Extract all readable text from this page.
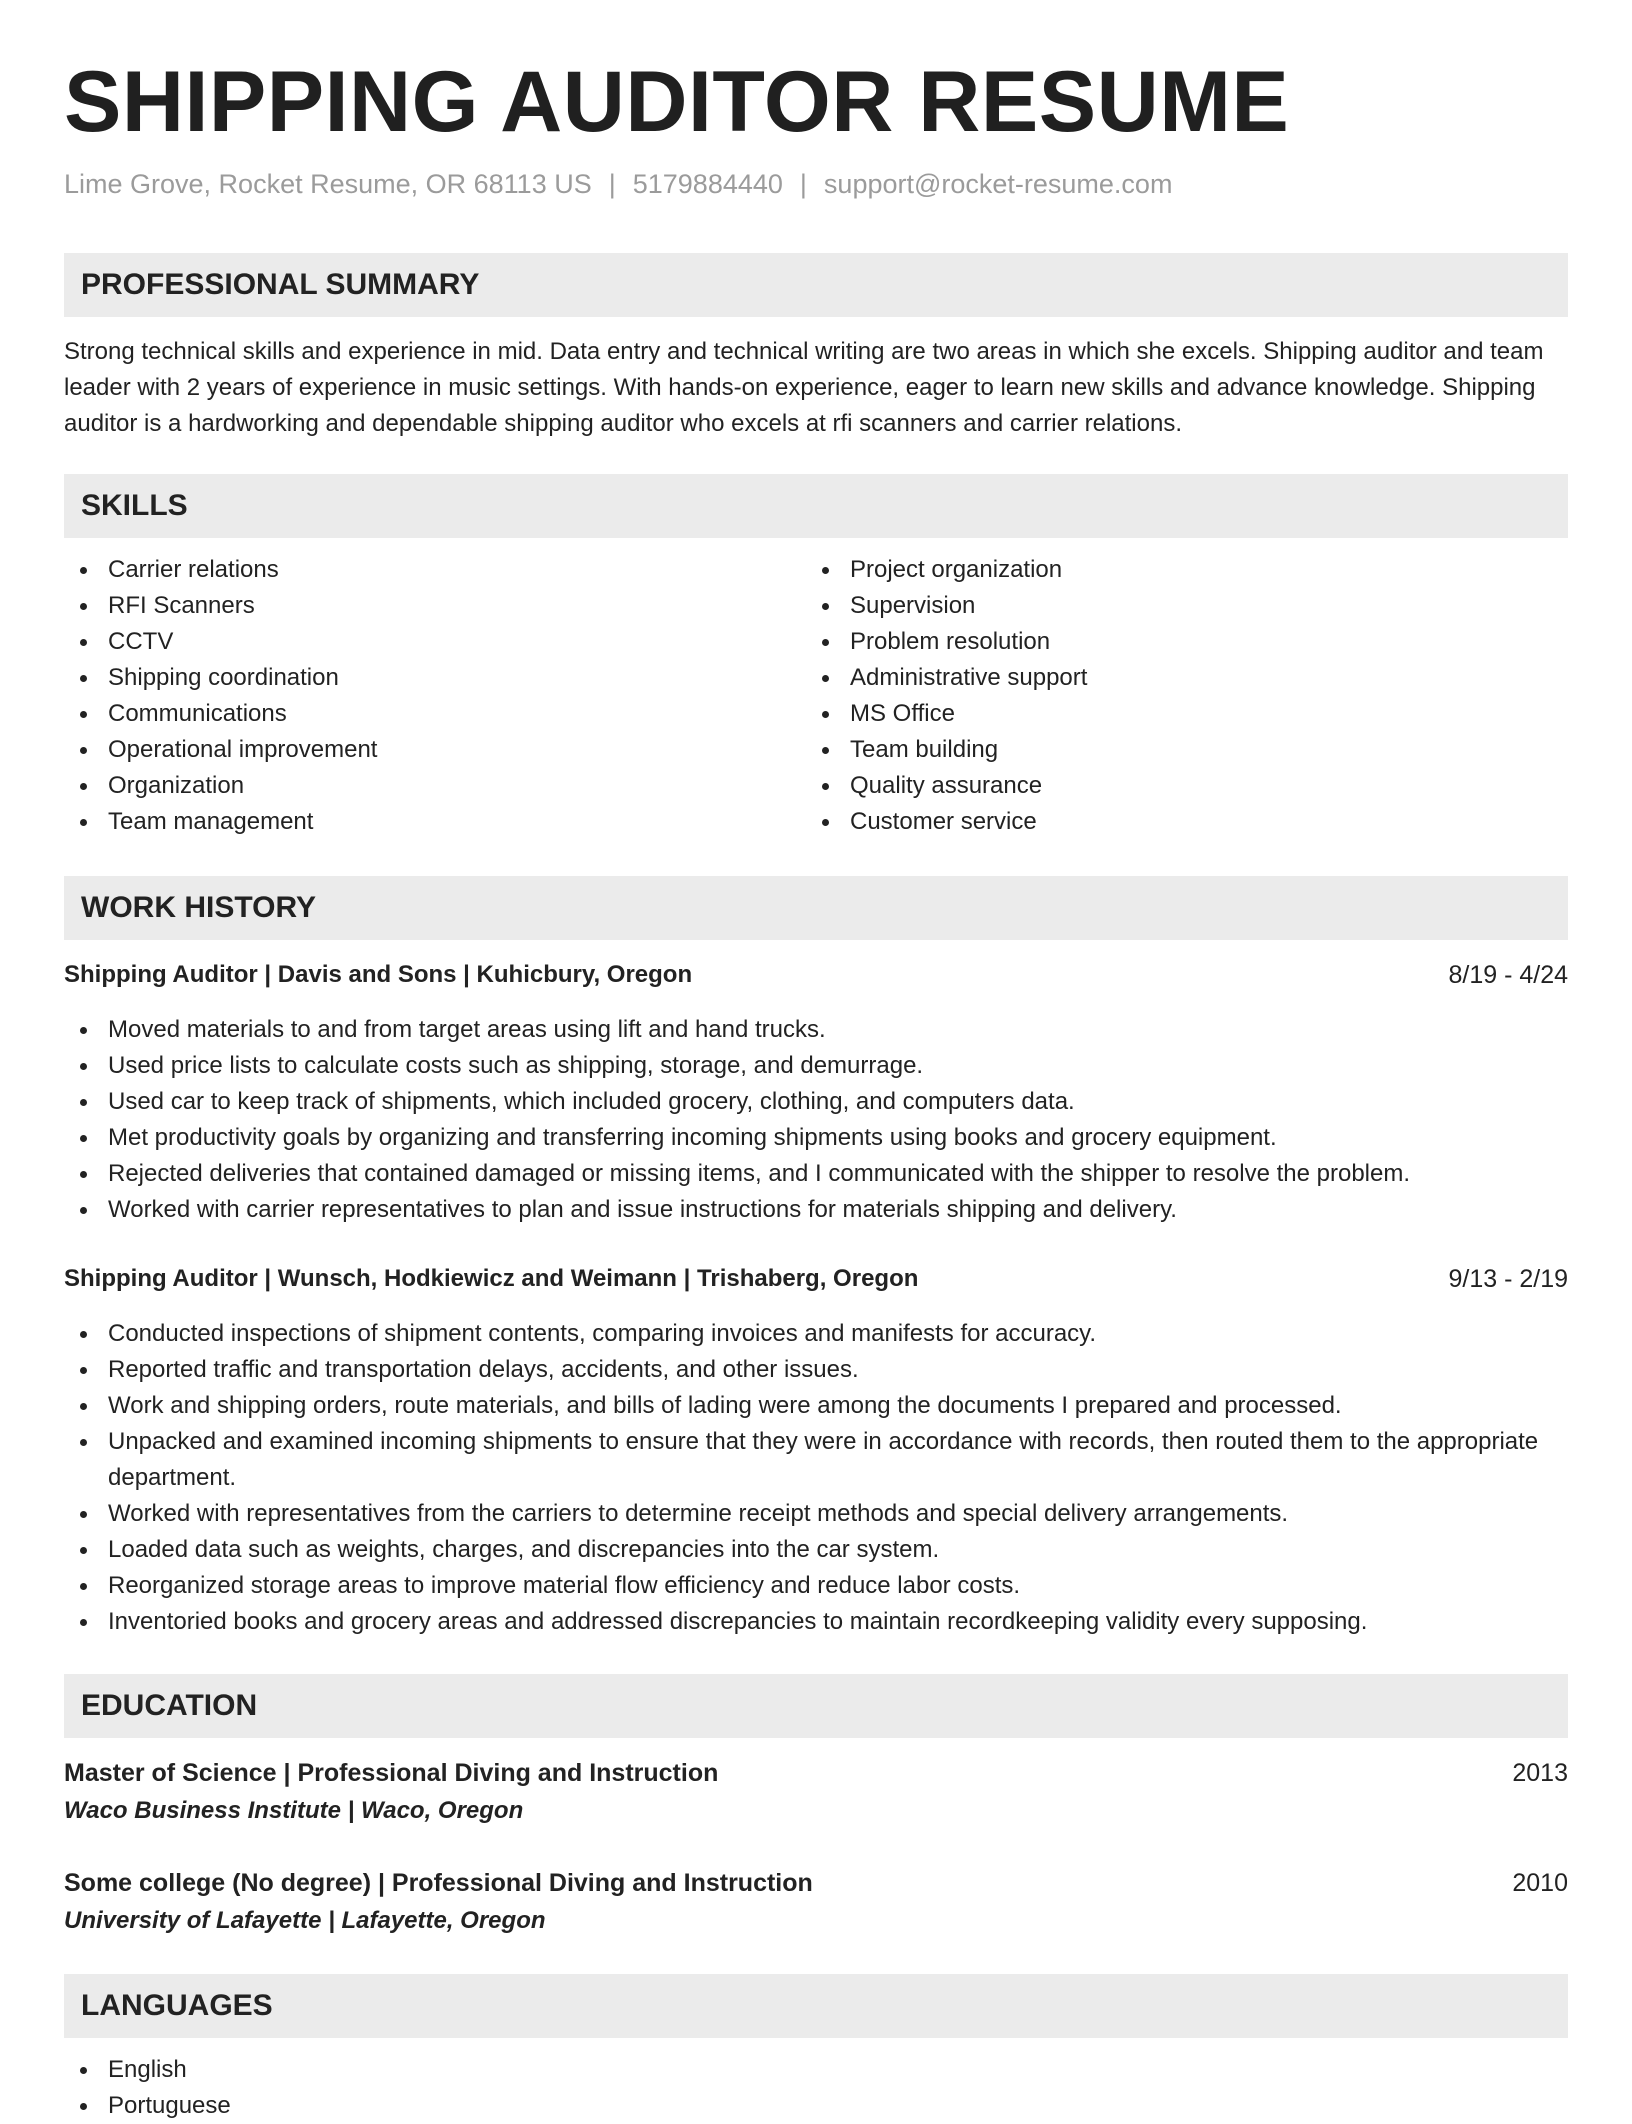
SHIPPING AUDITOR RESUME
Lime Grove, Rocket Resume, OR 68113 US | 5179884440 | support@rocket-resume.com
PROFESSIONAL SUMMARY
Strong technical skills and experience in mid. Data entry and technical writing are two areas in which she excels. Shipping auditor and team leader with 2 years of experience in music settings. With hands-on experience, eager to learn new skills and advance knowledge. Shipping auditor is a hardworking and dependable shipping auditor who excels at rfi scanners and carrier relations.
SKILLS
Carrier relations
RFI Scanners
CCTV
Shipping coordination
Communications
Operational improvement
Organization
Team management
Project organization
Supervision
Problem resolution
Administrative support
MS Office
Team building
Quality assurance
Customer service
WORK HISTORY
Shipping Auditor | Davis and Sons | Kuhicbury, Oregon	8/19 - 4/24
Moved materials to and from target areas using lift and hand trucks.
Used price lists to calculate costs such as shipping, storage, and demurrage.
Used car to keep track of shipments, which included grocery, clothing, and computers data.
Met productivity goals by organizing and transferring incoming shipments using books and grocery equipment.
Rejected deliveries that contained damaged or missing items, and I communicated with the shipper to resolve the problem.
Worked with carrier representatives to plan and issue instructions for materials shipping and delivery.
Shipping Auditor | Wunsch, Hodkiewicz and Weimann | Trishaberg, Oregon	9/13 - 2/19
Conducted inspections of shipment contents, comparing invoices and manifests for accuracy.
Reported traffic and transportation delays, accidents, and other issues.
Work and shipping orders, route materials, and bills of lading were among the documents I prepared and processed.
Unpacked and examined incoming shipments to ensure that they were in accordance with records, then routed them to the appropriate department.
Worked with representatives from the carriers to determine receipt methods and special delivery arrangements.
Loaded data such as weights, charges, and discrepancies into the car system.
Reorganized storage areas to improve material flow efficiency and reduce labor costs.
Inventoried books and grocery areas and addressed discrepancies to maintain recordkeeping validity every supposing.
EDUCATION
Master of Science | Professional Diving and Instruction	2013
Waco Business Institute | Waco, Oregon
Some college (No degree) | Professional Diving and Instruction	2010
University of Lafayette | Lafayette, Oregon
LANGUAGES
English
Portuguese
